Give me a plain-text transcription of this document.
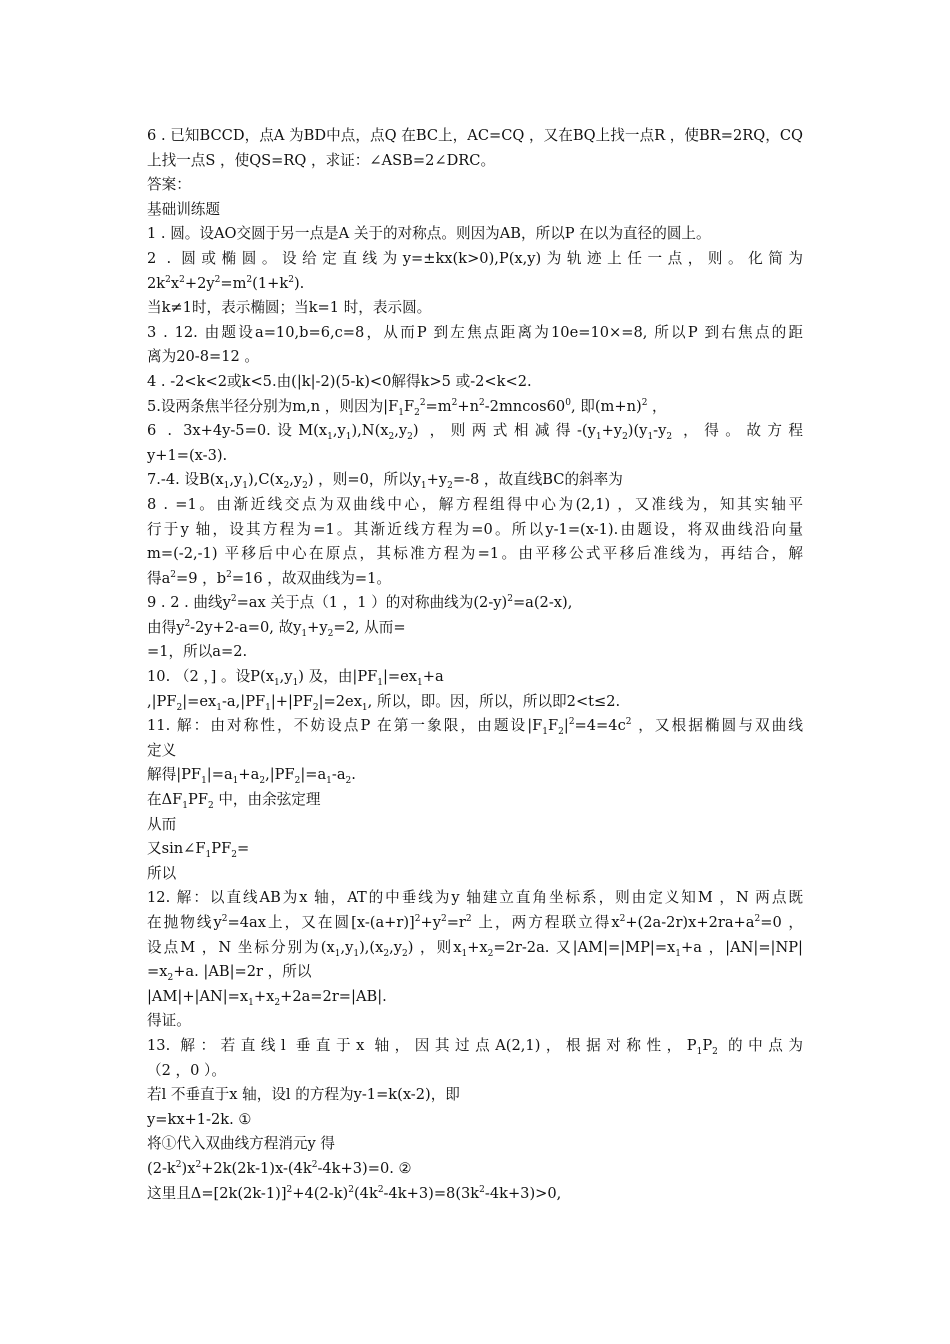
6 . 已知BCCD，点A 为BD中点，点Q 在BC上，AC=CQ ，又在BQ上找一点R ，使BR=2RQ，CQ
上找一点S ，使QS=RQ ，求证：∠ASB=2∠DRC。
答案：
基础训练题
1 . 圆。设AO交圆于另一点是A 关于的对称点。则因为AB，所以P 在以为直径的圆上。
2 . 圆或椭圆。设给定直线为y=±kx(k>0),P(x,y)为轨迹上任一点，则。化简为
$2k^2x^2+2y^2=m^2(1+k^2)$.
当k≠1时，表示椭圆；当k=1 时，表示圆。
3 . 12. 由题设a=10,b=6,c=8，从而P 到左焦点距离为10e=10×=8, 所以P 到右焦点的距
离为20-8=12 。
4 . -2<k<2或k<5.由(|k|-2)(5-k)<0解得k>5 或-2<k<2.
5.设两条焦半径分别为m,n ，则因为$|F_1F_2^2=m^2+n^2-2mncos60^0$, 即$(m+n)^2$ ，
6 . 3x+4y-5=0.设$M(x_1,y_1),N(x_2,y_2)$ ，则两式相减得$-(y_1+y_2)(y_1-y_2$ ，得。故方程
y+1=(x-3).
7.-4. 设$B(x_1,y_1),C(x_2,y_2)$ ，则=0，所以$y_1+y_2=-8$ ，故直线BC的斜率为
8 . =1。由渐近线交点为双曲线中心，解方程组得中心为(2,1) ，又准线为，知其实轴平
行于y 轴，设其方程为=1。其渐近线方程为=0。所以y-1=(x-1).由题设，将双曲线沿向量
m=(-2,-1) 平移后中心在原点，其标准方程为=1。由平移公式平移后准线为，再结合，解
得$a^2=9$ ，$b^2=16$ ，故双曲线为=1。
9 . 2 . 曲线$y^2=ax$ 关于点（1 ，1 ）的对称曲线为$(2-y)^2=a(2-x)$,
由得$y^2-2y+2-a=0$, 故$y_1+y_2=2$, 从而=
=1，所以a=2.
10. （2 ，] 。设$P(x_1,y_1)$ 及，由$|PF_1|=ex_1+a$
$,|PF_2|=ex_1-a,|PF_1|+|PF_2|=2ex_1$, 所以，即。因，所以，所以即2<t≤2.
11. 解：由对称性，不妨设点P 在第一象限，由题设$|F_1F_2|^2=4=4c^2$ ，又根据椭圆与双曲线
定义
解得$|PF_1|=a_1+a_2,|PF_2|=a_1-a_2$.
在$\Delta F_1PF_2$ 中，由余弦定理
从而
又$\sin\angle F_1PF_2=$
所以
12. 解：以直线AB为x 轴，AT的中垂线为y 轴建立直角坐标系，则由定义知M ，N 两点既
在抛物线$y^2=4ax$上，又在圆$[x-(a+r)]^2+y^2=r^2$ 上，两方程联立得$x^2+(2a-2r)x+2ra+a^2=0$ ，
设点M ，N 坐标分别为$(x_1,y_1),(x_2,y_2)$ ，则$x_1+x_2=2r-2a$. 又$|AM|=|MP|=x_1+a$ ，|AN|=|NP|
$=x_2+a$. |AB|=2r ，所以
$|AM|+|AN|=x_1+x_2+2a=2r=|AB|$.
得证。
13. 解：若直线l 垂直于x 轴，因其过点A(2,1)，根据对称性，$P_1P_2$ 的中点为
（2 ，0 ）。
若l 不垂直于x 轴，设l 的方程为y-1=k(x-2)，即
y=kx+1-2k. ①
将①代入双曲线方程消元y 得
$(2-k^2)x^2+2k(2k-1)x-(4k^2-4k+3)=0$. ②
这里且$\Delta=[2k(2k-1)]^2+4(2-k)^2(4k^2-4k+3)=8(3k^2-4k+3)>0$,
